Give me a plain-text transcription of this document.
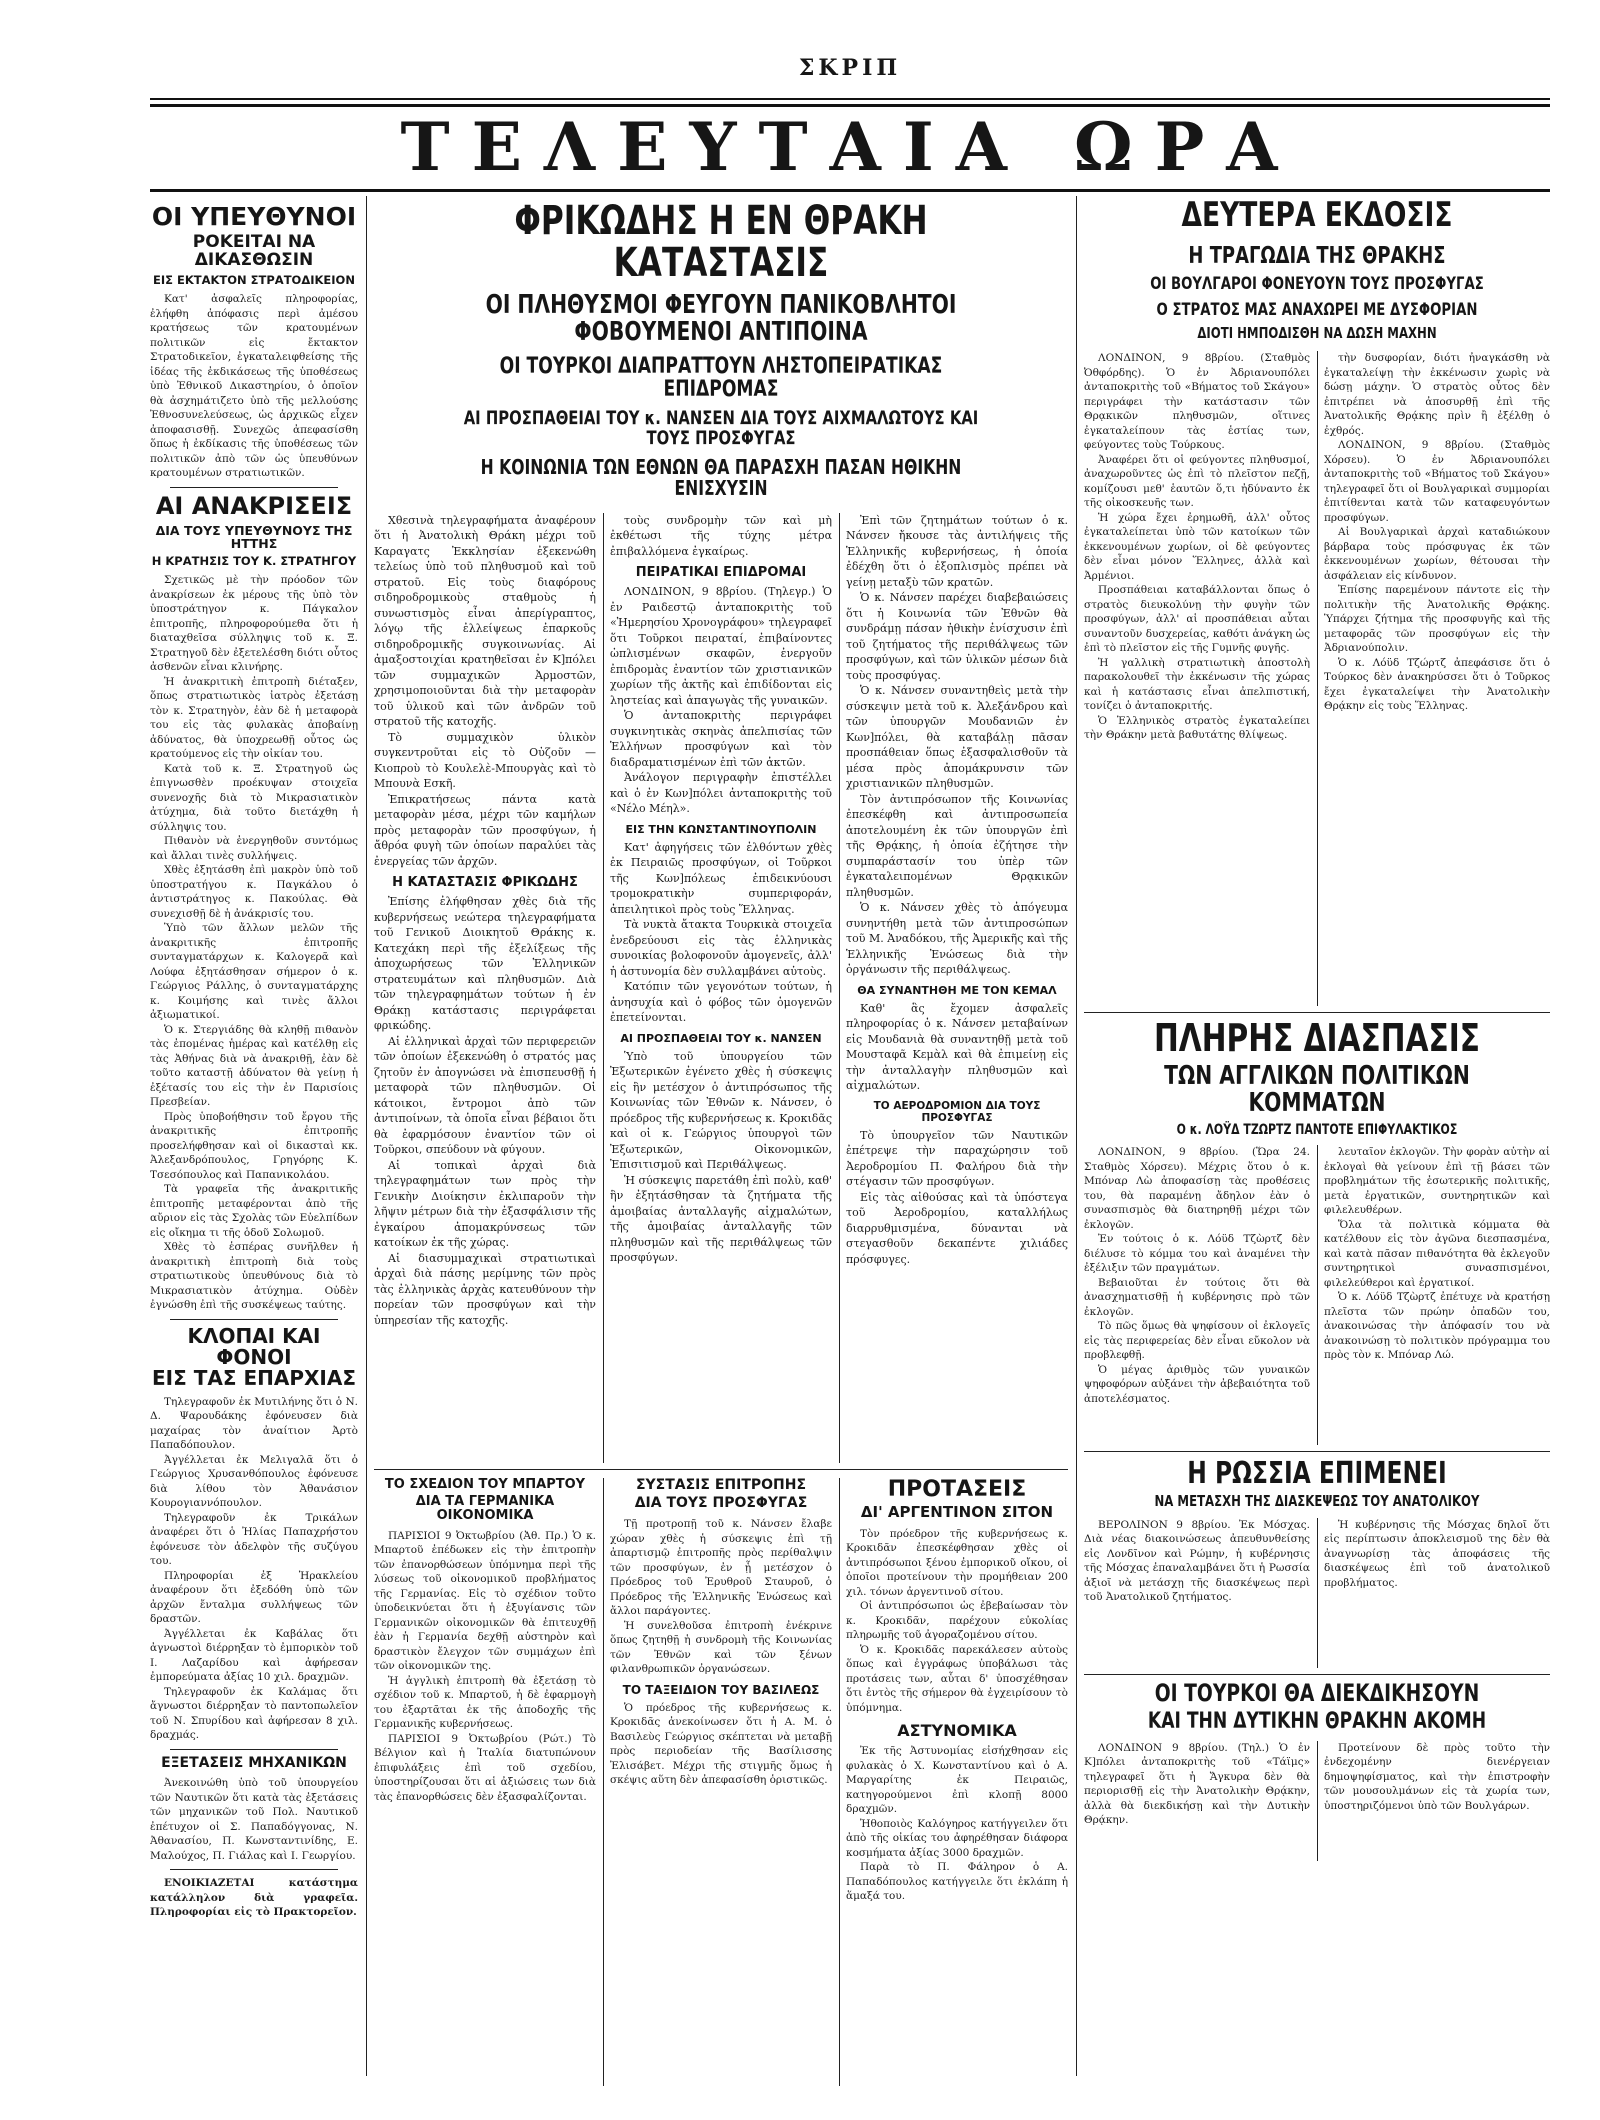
ΣΚΡΙΠ
ΤΕΛΕΥΤΑΙΑ ΩΡΑ
ΟΙ ΥΠΕΥΘΥΝΟΙ
ΡΟΚΕΙΤΑΙ ΝΑ ΔΙΚΑΣΘΩΣΙΝ
ΕΙΣ ΕΚΤΑΚΤΟΝ ΣΤΡΑΤΟΔΙΚΕΙΟΝ

Κατ' ἀσφαλεῖς πληροφορίας, ἐλήφθη ἀπόφασις περὶ ἀμέσου κρατήσεως τῶν κρατουμένων πολιτικῶν εἰς ἔκτακτον Στρατοδικεῖον, ἐγκαταλειφθείσης τῆς ἰδέας τῆς ἐκδικάσεως τῆς ὑποθέσεως ὑπὸ Ἐθνικοῦ Δικαστηρίου, ὁ ὁποῖον θὰ ἀσχημάτιζετο ὑπὸ τῆς μελλούσης Ἐθνοσυνελεύσεως, ὡς ἀρχικῶς εἶχεν ἀποφασισθῇ. Συνεχῶς ἀπεφασίσθη ὅπως ἡ ἐκδίκασις τῆς ὑποθέσεως τῶν πολιτικῶν ἀπὸ τῶν ὡς ὑπευθύνων κρατουμένων στρατιωτικῶν.

ΑΙ ΑΝΑΚΡΙΣΕΙΣ
ΔΙΑ ΤΟΥΣ ΥΠΕΥΘΥΝΟΥΣ ΤΗΣ ΗΤΤΗΣ
Η ΚΡΑΤΗΣΙΣ ΤΟΥ Κ. ΣΤΡΑΤΗΓΟΥ

Σχετικῶς μὲ τὴν πρόοδον τῶν ἀνακρίσεων ἐκ μέρους τῆς ὑπὸ τὸν ὑποστράτηγον κ. Πάγκαλον ἐπιτροπῆς, πληροφορούμεθα ὅτι ἡ διαταχθεῖσα σύλληψις τοῦ κ. Ξ. Στρατηγοῦ δὲν ἐξετελέσθη διότι οὗτος ἀσθενῶν εἶναι κλινήρης.

Ἡ ἀνακριτικὴ ἐπιτροπὴ διέταξεν, ὅπως στρατιωτικὸς ἰατρὸς ἐξετάσῃ τὸν κ. Στρατηγὸν, ἐὰν δὲ ἡ μεταφορὰ του εἰς τὰς φυλακὰς ἀποβαίνῃ ἀδύνατος, θὰ ὑποχρεωθῇ οὗτος ὡς κρατούμενος εἰς τὴν οἰκίαν του.

Κατὰ τοῦ κ. Ξ. Στρατηγοῦ ὡς ἐπιγνωσθὲν προέκυψαν στοιχεῖα συνενοχῆς διὰ τὸ Μικρασιατικὸν ἀτύχημα, διὰ τοῦτο διετάχθη ἡ σύλληψις του.

Πιθανὸν νὰ ἐνεργηθοῦν συντόμως καὶ ἄλλαι τινὲς συλλήψεις.

Χθὲς ἐξητάσθη ἐπὶ μακρὸν ὑπὸ τοῦ ὑποστρατήγου κ. Παγκάλου ὁ ἀντιστράτηγος κ. Πακούλας. Θὰ συνεχισθῇ δὲ ἡ ἀνάκρισίς του.

Ὑπὸ τῶν ἄλλων μελῶν τῆς ἀνακριτικῆς ἐπιτροπῆς συνταγματάρχων κ. Καλογερᾶ καὶ Λούφα ἐξητάσθησαν σήμερον ὁ κ. Γεώργιος Ράλλης, ὁ συνταγματάρχης κ. Κοιμήσης καὶ τινὲς ἄλλοι ἀξιωματικοί.

Ὁ κ. Στεργιάδης θὰ κληθῇ πιθανὸν τὰς ἐπομένας ἡμέρας καὶ κατέλθῃ εἰς τὰς Ἀθήνας διὰ νὰ ἀνακριθῇ, ἐὰν δὲ τοῦτο καταστῇ ἀδύνατον θὰ γείνῃ ἡ ἐξέτασίς του εἰς τὴν ἐν Παρισίοις Πρεσβείαν.

Πρὸς ὑποβοήθησιν τοῦ ἔργου τῆς ἀνακριτικῆς ἐπιτροπῆς προσελήφθησαν καὶ οἱ δικασταὶ κκ. Ἀλεξανδρόπουλος, Γρηγόρης Κ. Τσεσόπουλος καὶ Παπανικολάου.

Τὰ γραφεῖα τῆς ἀνακριτικῆς ἐπιτροπῆς μεταφέρονται ἀπὸ τῆς αὔριον εἰς τὰς Σχολὰς τῶν Εὐελπίδων εἰς οἴκημα τι τῆς ὁδοῦ Σολωμοῦ.

Χθὲς τὸ ἑσπέρας συνῆλθεν ἡ ἀνακριτικὴ ἐπιτροπὴ διὰ τοὺς στρατιωτικοὺς ὑπευθύνους διὰ τὸ Μικρασιατικὸν ἀτύχημα. Οὐδὲν ἐγνώσθη ἐπὶ τῆς συσκέψεως ταύτης.

ΚΛΟΠΑΙ ΚΑΙ ΦΟΝΟΙ
ΕΙΣ ΤΑΣ ΕΠΑΡΧΙΑΣ

Τηλεγραφοῦν ἐκ Μυτιλήνης ὅτι ὁ Ν. Δ. Ψαρουδάκης ἐφόνευσεν διὰ μαχαίρας τὸν ἀναίτιον Ἀρτὸ Παπαδόπουλον.

Ἀγγέλλεται ἐκ Μελιγαλᾶ ὅτι ὁ Γεώργιος Χρυσανθόπουλος ἐφόνευσε διὰ λίθου τὸν Ἀθανάσιον Κουρογιαννόπουλον.

Τηλεγραφοῦν ἐκ Τρικάλων ἀναφέρει ὅτι ὁ Ἠλίας Παπαχρήστου ἐφόνευσε τὸν ἀδελφὸν τῆς συζύγου του.

Πληροφορίαι ἐξ Ἡρακλείου ἀναφέρουν ὅτι ἐξεδόθη ὑπὸ τῶν ἀρχῶν ἔνταλμα συλλήψεως τῶν δραστῶν.

Ἀγγέλλεται ἐκ Καβάλας ὅτι ἀγνωστοὶ διέρρηξαν τὸ ἐμπορικὸν τοῦ Ι. Λαζαρίδου καὶ ἀφήρεσαν ἐμπορεύματα ἀξίας 10 χιλ. δραχμῶν.

Τηλεγραφοῦν ἐκ Καλάμας ὅτι ἄγνωστοι διέρρηξαν τὸ παντοπωλεῖον τοῦ Ν. Σπυρίδου καὶ ἀφήρεσαν 8 χιλ. δραχμάς.

ΕΞΕΤΑΣΕΙΣ ΜΗΧΑΝΙΚΩΝ

Ἀνεκοινώθη ὑπὸ τοῦ ὑπουργείου τῶν Ναυτικῶν ὅτι κατὰ τὰς ἐξετάσεις τῶν μηχανικῶν τοῦ Πολ. Ναυτικοῦ ἐπέτυχον οἱ Σ. Παπαδόγγονας, Ν. Ἀθανασίου, Π. Κωνσταντινίδης, Ε. Μαλούχος, Π. Γιάλας καὶ Ι. Γεωργίου.

ΕΝΟΙΚΙΑΖΕΤΑΙ κατάστημα κατάλληλον διὰ γραφεῖα. Πληροφορίαι εἰς τὸ Πρακτορεῖον.

ΦΡΙΚΩΔΗΣ Η ΕΝ ΘΡΑΚΗ ΚΑΤΑΣΤΑΣΙΣ
ΟΙ ΠΛΗΘΥΣΜΟΙ ΦΕΥΓΟΥΝ ΠΑΝΙΚΟΒΛΗΤΟΙ ΦΟΒΟΥΜΕΝΟΙ ΑΝΤΙΠΟΙΝΑ
ΟΙ ΤΟΥΡΚΟΙ ΔΙΑΠΡΑΤΤΟΥΝ ΛΗΣΤΟΠΕΙΡΑΤΙΚΑΣ ΕΠΙΔΡΟΜΑΣ
ΑΙ ΠΡΟΣΠΑΘΕΙΑΙ ΤΟΥ κ. ΝΑΝΣΕΝ ΔΙΑ ΤΟΥΣ ΑΙΧΜΑΛΩΤΟΥΣ ΚΑΙ ΤΟΥΣ ΠΡΟΣΦΥΓΑΣ
Η ΚΟΙΝΩΝΙΑ ΤΩΝ ΕΘΝΩΝ ΘΑ ΠΑΡΑΣΧΗ ΠΑΣΑΝ ΗΘΙΚΗΝ ΕΝΙΣΧΥΣΙΝ

Χθεσινὰ τηλεγραφήματα ἀναφέρουν ὅτι ἡ Ἀνατολικὴ Θράκη μέχρι τοῦ Καραγατς Ἐκκλησίαν ἐξεκενώθη τελείως ὑπὸ τοῦ πληθυσμοῦ καὶ τοῦ στρατοῦ. Εἰς τοὺς διαφόρους σιδηροδρομικοὺς σταθμοὺς ἡ συνωστισμὸς εἶναι ἀπερίγραπτος, λόγῳ τῆς ἐλλείψεως ἐπαρκοῦς σιδηροδρομικῆς συγκοινωνίας. Αἱ ἀμαξοστοιχίαι κρατηθεῖσαι ἐν Κ]πόλει τῶν συμμαχικῶν Ἀρμοστῶν, χρησιμοποιοῦνται διὰ τὴν μεταφορὰν τοῦ ὑλικοῦ καὶ τῶν ἀνδρῶν τοῦ στρατοῦ τῆς κατοχῆς.

Τὸ συμμαχικὸν ὑλικὸν συγκεντροῦται εἰς τὸ Οὐζοῦν — Κιοπροὺ τὸ Κουλελὲ-Μπουργὰς καὶ τὸ Μπουνὰ Εσκῆ.

Ἐπικρατήσεως πάντα κατὰ μεταφορὰν μέσα, μέχρι τῶν καμήλων πρὸς μεταφορὰν τῶν προσφύγων, ἡ ἄθρόα φυγὴ τῶν ὁποίων παραλύει τὰς ἐνεργείας τῶν ἀρχῶν.

Η ΚΑΤΑΣΤΑΣΙΣ ΦΡΙΚΩΔΗΣ

Ἐπίσης ἐλήφθησαν χθὲς διὰ τῆς κυβερνήσεως νεώτερα τηλεγραφήματα τοῦ Γενικοῦ Διοικητοῦ Θράκης κ. Κατεχάκη περὶ τῆς ἐξελίξεως τῆς ἀποχωρήσεως τῶν Ἑλληνικῶν στρατευμάτων καὶ πληθυσμῶν. Διὰ τῶν τηλεγραφημάτων τούτων ἡ ἐν Θράκῃ κατάστασις περιγράφεται φρικώδης.

Αἱ ἐλληνικαὶ ἀρχαὶ τῶν περιφερειῶν τῶν ὁποίων ἐξεκενώθη ὁ στρατός μας ζητοῦν ἐν ἀπογνώσει νὰ ἐπισπευσθῇ ἡ μεταφορὰ τῶν πληθυσμῶν. Οἱ κάτοικοι, ἔντρομοι ἀπὸ τῶν ἀντιποίνων, τὰ ὁποῖα εἶναι βέβαιοι ὅτι θὰ ἐφαρμόσουν ἐναντίον τῶν οἱ Τοῦρκοι, σπεύδουν νὰ φύγουν.

Αἱ τοπικαὶ ἀρχαὶ διὰ τηλεγραφημάτων των πρὸς τὴν Γενικὴν Διοίκησιν ἐκλιπαροῦν τὴν λῆψιν μέτρων διὰ τὴν ἐξασφάλισιν τῆς ἐγκαίρου ἀπομακρύνσεως τῶν κατοίκων ἐκ τῆς χώρας.

Αἱ διασυμμαχικαὶ στρατιωτικαὶ ἀρχαὶ διὰ πάσης μερίμνης τῶν πρὸς τὰς ἐλληνικὰς ἀρχὰς κατευθύνουν τὴν πορείαν τῶν προσφύγων καὶ τὴν ὑπηρεσίαν τῆς κατοχῆς.

τοὺς συνδρομὴν τῶν καὶ μὴ ἐκθέτωσι τῆς τύχης μέτρα ἐπιβαλλόμενα ἐγκαίρως.

ΠΕΙΡΑΤΙΚΑΙ ΕΠΙΔΡΟΜΑΙ

ΛΟΝΔΙΝΟΝ, 9 8βρίου. (Τηλεγρ.) Ὁ ἐν Ραιδεστῷ ἀνταποκριτὴς τοῦ «Ἡμερησίου Χρονογράφου» τηλεγραφεῖ ὅτι Τοῦρκοι πειραταί, ἐπιβαίνοντες ὡπλισμένων σκαφῶν, ἐνεργοῦν ἐπιδρομὰς ἐναντίον τῶν χριστιανικῶν χωρίων τῆς ἀκτῆς καὶ ἐπιδίδονται εἰς ληστείας καὶ ἀπαγωγὰς τῆς γυναικῶν.

Ὁ ἀνταποκριτὴς περιγράφει συγκινητικὰς σκηνὰς ἀπελπισίας τῶν Ἑλλήνων προσφύγων καὶ τὸν διαδραματισμένων ἐπὶ τῶν ἀκτῶν.

Ἀνάλογον περιγραφὴν ἐπιστέλλει καὶ ὁ ἐν Κων]πόλει ἀνταποκριτὴς τοῦ «Νέλο Μέηλ».

ΕΙΣ ΤΗΝ ΚΩΝΣΤΑΝΤΙΝΟΥΠΟΛΙΝ

Κατ' ἀφηγήσεις τῶν ἐλθόντων χθὲς ἐκ Πειραιῶς προσφύγων, οἱ Τοῦρκοι τῆς Κων]πόλεως ἐπιδεικνύουσι τρομοκρατικὴν συμπεριφοράν, ἀπειλητικοὶ πρὸς τοὺς Ἕλληνας.

Τὰ νυκτὰ ἄτακτα Τουρκικὰ στοιχεῖα ἐνεδρεύουσι εἰς τὰς ἑλληνικὰς συνοικίας βολοφονοῦν ἀμογενεῖς, ἀλλ' ἡ ἀστυνομία δὲν συλλαμβάνει αὐτοὺς.

Κατόπιν τῶν γεγονότων τούτων, ἡ ἀνησυχία καὶ ὁ φόβος τῶν ὁμογενῶν ἐπετείνονται.

ΑΙ ΠΡΟΣΠΑΘΕΙΑΙ ΤΟΥ κ. ΝΑΝΣΕΝ

Ὑπὸ τοῦ ὑπουργείου τῶν Ἐξωτερικῶν ἐγένετο χθὲς ἡ σύσκεψις εἰς ἣν μετέσχον ὁ ἀντιπρόσωπος τῆς Κοινωνίας τῶν Ἐθνῶν κ. Νάνσεν, ὁ πρόεδρος τῆς κυβερνήσεως κ. Κροκιδᾶς καὶ οἱ κ. Γεώργιος ὑπουργοὶ τῶν Ἐξωτερικῶν, Οἰκονομικῶν, Ἐπισιτισμοῦ καὶ Περιθάλψεως.

Ἡ σύσκεψις παρετάθη ἐπὶ πολὺ, καθ' ἣν ἐξητάσθησαν τὰ ζητήματα τῆς ἀμοιβαίας ἀνταλλαγῆς αἰχμαλώτων, τῆς ἀμοιβαίας ἀνταλλαγῆς τῶν πληθυσμῶν καὶ τῆς περιθάλψεως τῶν προσφύγων.

Ἐπὶ τῶν ζητημάτων τούτων ὁ κ. Νάνσεν ἤκουσε τὰς ἀντιλήψεις τῆς Ἑλληνικῆς κυβερνήσεως, ἡ ὁποία ἐδέχθη ὅτι ὁ ἐξοπλισμὸς πρέπει νὰ γείνῃ μεταξὺ τῶν κρατῶν.

Ὁ κ. Νάνσεν παρέχει διαβεβαιώσεις ὅτι ἡ Κοινωνία τῶν Ἐθνῶν θὰ συνδράμῃ πάσαν ἠθικὴν ἐνίσχυσιν ἐπὶ τοῦ ζητήματος τῆς περιθάλψεως τῶν προσφύγων, καὶ τῶν ὑλικῶν μέσων διὰ τοὺς προσφύγας.

Ὁ κ. Νάνσεν συναντηθεὶς μετὰ τὴν σύσκεψιν μετὰ τοῦ κ. Ἀλεξάνδρου καὶ τῶν ὑπουργῶν Μουδανιῶν ἐν Κων]πόλει, θὰ καταβάλῃ πᾶσαν προσπάθειαν ὅπως ἐξασφαλισθοῦν τὰ μέσα πρὸς ἀπομάκρυνσιν τῶν χριστιανικῶν πληθυσμῶν.

Τὸν ἀντιπρόσωπον τῆς Κοινωνίας ἐπεσκέφθη καὶ ἀντιπροσωπεία ἀποτελουμένη ἐκ τῶν ὑπουργῶν ἐπὶ τῆς Θρᾴκης, ἡ ὁποία ἐζήτησε τὴν συμπαράστασίν του ὑπὲρ τῶν ἐγκαταλειπομένων Θρᾳκικῶν πληθυσμῶν.

Ὁ κ. Νάνσεν χθὲς τὸ ἀπόγευμα συνηντήθη μετὰ τῶν ἀντιπροσώπων τοῦ Μ. Ἀναδόκου, τῆς Ἀμερικῆς καὶ τῆς Ἑλληνικῆς Ἐνώσεως διὰ τὴν ὀργάνωσιν τῆς περιθάλψεως.

ΘΑ ΣΥΝΑΝΤΗΘΗ ΜΕ ΤΟΝ ΚΕΜΑΛ

Καθ' ἃς ἔχομεν ἀσφαλεῖς πληροφορίας ὁ κ. Νάνσεν μεταβαίνων εἰς Μουδανιὰ θὰ συναντηθῇ μετὰ τοῦ Μουσταφᾶ Κεμὰλ καὶ θὰ ἐπιμείνῃ εἰς τὴν ἀνταλλαγὴν πληθυσμῶν καὶ αἰχμαλώτων.

ΤΟ ΑΕΡΟΔΡΟΜΙΟΝ ΔΙΑ ΤΟΥΣ ΠΡΟΣΦΥΓΑΣ

Τὸ ὑπουργεῖον τῶν Ναυτικῶν ἐπέτρεψε τὴν παραχώρησιν τοῦ Ἀεροδρομίου Π. Φαλήρου διὰ τὴν στέγασιν τῶν προσφύγων.

Εἰς τὰς αἰθούσας καὶ τὰ ὑπόστεγα τοῦ Ἀεροδρομίου, καταλλήλως διαρρυθμισμένα, δύνανται νὰ στεγασθοῦν δεκαπέντε χιλιάδες πρόσφυγες.

ΤΟ ΣΧΕΔΙΟΝ ΤΟΥ ΜΠΑΡΤΟΥ
ΔΙΑ ΤΑ ΓΕΡΜΑΝΙΚΑ ΟΙΚΟΝΟΜΙΚΑ

ΠΑΡΙΣΙΟΙ 9 Ὀκτωβρίου (Ἀθ. Πρ.) Ὁ κ. Μπαρτοῦ ἐπέδωκεν εἰς τὴν ἐπιτροπὴν τῶν ἐπανορθώσεων ὑπόμνημα περὶ τῆς λύσεως τοῦ οἰκονομικοῦ προβλήματος τῆς Γερμανίας. Εἰς τὸ σχέδιον τοῦτο ὑποδεικνύεται ὅτι ἡ ἐξυγίανσις τῶν Γερμανικῶν οἰκονομικῶν θὰ ἐπιτευχθῇ ἐὰν ἡ Γερμανία δεχθῇ αὐστηρὸν καὶ δραστικὸν ἔλεγχον τῶν συμμάχων ἐπὶ τῶν οἰκονομικῶν της.

Ἡ ἀγγλικὴ ἐπιτροπὴ θὰ ἐξετάσῃ τὸ σχέδιον τοῦ κ. Μπαρτοῦ, ἡ δὲ ἐφαρμογὴ του ἐξαρτᾶται ἐκ τῆς ἀποδοχῆς τῆς Γερμανικῆς κυβερνήσεως.

ΠΑΡΙΣΙΟΙ 9 Ὀκτωβρίου (Ρώτ.) Τὸ Βέλγιον καὶ ἡ Ἰταλία διατυπώνουν ἐπιφυλάξεις ἐπὶ τοῦ σχεδίου, ὑποστηρίζουσαι ὅτι αἱ ἀξιώσεις των διὰ τὰς ἐπανορθώσεις δὲν ἐξασφαλίζονται.

ΣΥΣΤΑΣΙΣ ΕΠΙΤΡΟΠΗΣ
ΔΙΑ ΤΟΥΣ ΠΡΟΣΦΥΓΑΣ

Τῇ προτροπῇ τοῦ κ. Νάνσεν ἔλαβε χώραν χθὲς ἡ σύσκεψις ἐπὶ τῇ ἀπαρτισμῷ ἐπιτροπῆς πρὸς περίθαλψιν τῶν προσφύγων, ἐν ᾗ μετέσχον ὁ Πρόεδρος τοῦ Ἐρυθροῦ Σταυροῦ, ὁ Πρόεδρος τῆς Ἑλληνικῆς Ἑνώσεως καὶ ἄλλοι παράγοντες.

Ἡ συνελθοῦσα ἐπιτροπὴ ἐνέκρινε ὅπως ζητηθῇ ἡ συνδρομὴ τῆς Κοινωνίας τῶν Ἐθνῶν καὶ τῶν ξένων φιλανθρωπικῶν ὀργανώσεων.

ΤΟ ΤΑΞΕΙΔΙΟΝ ΤΟΥ ΒΑΣΙΛΕΩΣ

Ὁ πρόεδρος τῆς κυβερνήσεως κ. Κροκιδᾶς ἀνεκοίνωσεν ὅτι ἡ Α. Μ. ὁ Βασιλεὺς Γεώργιος σκέπτεται νὰ μεταβῇ πρὸς περιοδείαν τῆς Βασίλισσης Ἐλισάβετ. Μέχρι τῆς στιγμῆς ὅμως ἡ σκέψις αὕτη δὲν ἀπεφασίσθη ὁριστικῶς.

ΠΡΟΤΑΣΕΙΣ
ΔΙ' ΑΡΓΕΝΤΙΝΟΝ ΣΙΤΟΝ

Τὸν πρόεδρον τῆς κυβερνήσεως κ. Κροκιδᾶν ἐπεσκέφθησαν χθὲς οἱ ἀντιπρόσωποι ξένου ἐμπορικοῦ οἴκου, οἱ ὁποῖοι προτείνουν τὴν προμήθειαν 200 χιλ. τόνων ἀργεντινοῦ σίτου.

Οἱ ἀντιπρόσωποι ὡς ἐβεβαίωσαν τὸν κ. Κροκιδᾶν, παρέχουν εὐκολίας πληρωμῆς τοῦ ἀγοραζομένου σίτου.

Ὁ κ. Κροκιδᾶς παρεκάλεσεν αὐτοὺς ὅπως καὶ ἐγγράφως ὑποβάλωσι τὰς προτάσεις των, αὗται δ' ὑποσχέθησαν ὅτι ἐντὸς τῆς σήμερον θὰ ἐγχειρίσουν τὸ ὑπόμνημα.

ΑΣΤΥΝΟΜΙΚΑ

Ἐκ τῆς Ἀστυνομίας εἰσήχθησαν εἰς φυλακὰς ὁ Χ. Κωνσταντίνου καὶ ὁ Α. Μαργαρίτης ἐκ Πειραιῶς, κατηγορούμενοι ἐπὶ κλοπῇ 8000 δραχμῶν.

Ἠθοποιὸς Καλόγηρος κατήγγειλεν ὅτι ἀπὸ τῆς οἰκίας του ἀφηρέθησαν διάφορα κοσμήματα ἀξίας 3000 δραχμῶν.

Παρὰ τὸ Π. Φάληρον ὁ Α. Παπαδόπουλος κατήγγειλε ὅτι ἐκλάπη ἡ ἅμαξά του.

ΔΕΥΤΕΡΑ ΕΚΔΟΣΙΣ
Η ΤΡΑΓΩΔΙΑ ΤΗΣ ΘΡΑΚΗΣ
ΟΙ ΒΟΥΛΓΑΡΟΙ ΦΟΝΕΥΟΥΝ ΤΟΥΣ ΠΡΟΣΦΥΓΑΣ
Ο ΣΤΡΑΤΟΣ ΜΑΣ ΑΝΑΧΩΡΕΙ ΜΕ ΔΥΣΦΟΡΙΑΝ
ΔΙΟΤΙ ΗΜΠΟΔΙΣΘΗ ΝΑ ΔΩΣΗ ΜΑΧΗΝ

ΛΟΝΔΙΝΟΝ, 9 8βρίου. (Σταθμὸς Ὀθφόρδης). Ὁ ἐν Ἀδριανουπόλει ἀνταποκριτὴς τοῦ «Βήματος τοῦ Σκάγου» περιγράφει τὴν κατάστασιν τῶν Θρᾳκικῶν πληθυσμῶν, οἵτινες ἐγκαταλείπουν τὰς ἑστίας των, φεύγοντες τοὺς Τούρκους.

Ἀναφέρει ὅτι οἱ φεύγοντες πληθυσμοί, ἀναχωροῦντες ὡς ἐπὶ τὸ πλεῖστον πεζῇ, κομίζουσι μεθ' ἑαυτῶν ὅ,τι ἠδύναντο ἐκ τῆς οἰκοσκευῆς των.

Ἡ χώρα ἔχει ἐρημωθῆ, ἀλλ' οὗτος ἐγκαταλείπεται ὑπὸ τῶν κατοίκων τῶν ἐκκενουμένων χωρίων, οἱ δὲ φεύγοντες δὲν εἶναι μόνον Ἕλληνες, ἀλλὰ καὶ Ἀρμένιοι.

Προσπάθειαι καταβάλλονται ὅπως ὁ στρατὸς διευκολύνῃ τὴν φυγὴν τῶν προσφύγων, ἀλλ' αἱ προσπάθειαι αὗται συναντοῦν δυσχερείας, καθότι ἀνάγκη ὡς ἐπὶ τὸ πλεῖστον εἰς τῆς Γυμνῆς φυγῆς.

Ἡ γαλλικὴ στρατιωτικὴ ἀποστολὴ παρακολουθεῖ τὴν ἐκκένωσιν τῆς χώρας καὶ ἡ κατάστασις εἶναι ἀπελπιστική, τονίζει ὁ ἀνταποκριτής.

Ὁ Ἑλληνικὸς στρατὸς ἐγκαταλείπει τὴν Θράκην μετὰ βαθυτάτης θλίψεως.

τὴν δυσφορίαν, διότι ἠναγκάσθη νὰ ἐγκαταλείψῃ τὴν ἐκκένωσιν χωρὶς νὰ δώσῃ μάχην. Ὁ στρατὸς οὗτος δὲν ἐπιτρέπει νὰ ἀποσυρθῇ ἐπὶ τῆς Ἀνατολικῆς Θρᾴκης πρὶν ἢ ἐξέλθῃ ὁ ἐχθρός.

ΛΟΝΔΙΝΟΝ, 9 8βρίου. (Σταθμὸς Χόρσευ). Ὁ ἐν Ἀδριανουπόλει ἀνταποκριτὴς τοῦ «Βήματος τοῦ Σκάγου» τηλεγραφεῖ ὅτι οἱ Βουλγαρικαὶ συμμορίαι ἐπιτίθενται κατὰ τῶν καταφευγόντων προσφύγων.

Αἱ Βουλγαρικαὶ ἀρχαὶ καταδιώκουν βάρβαρα τοὺς πρόσφυγας ἐκ τῶν ἐκκενουμένων χωρίων, θέτουσαι τὴν ἀσφάλειαν εἰς κίνδυνον.

Ἐπίσης παρεμένουν πάντοτε εἰς τὴν πολιτικὴν τῆς Ἀνατολικῆς Θρᾴκης. Ὑπάρχει ζήτημα τῆς προσφυγῆς καὶ τῆς μεταφορᾶς τῶν προσφύγων εἰς τὴν Ἀδριανούπολιν.

Ὁ κ. Λόϋδ Τζώρτζ ἀπεφάσισε ὅτι ὁ Τούρκος δὲν ἀνακηρύσσει ὅτι ὁ Τοῦρκος ἔχει ἐγκαταλείψει τὴν Ἀνατολικὴν Θρᾴκην εἰς τοὺς Ἕλληνας.

ΠΛΗΡΗΣ ΔΙΑΣΠΑΣΙΣ
ΤΩΝ ΑΓΓΛΙΚΩΝ ΠΟΛΙΤΙΚΩΝ ΚΟΜΜΑΤΩΝ
Ο κ. ΛΟΫΔ ΤΖΩΡΤΖ ΠΑΝΤΟΤΕ ΕΠΙΦΥΛΑΚΤΙΚΟΣ

ΛΟΝΔΙΝΟΝ, 9 8βρίου. (Ὥρα 24. Σταθμὸς Χόρσευ). Μέχρις ὅτου ὁ κ. Μπόναρ Λὼ ἀποφασίσῃ τὰς προθέσεις του, θὰ παραμένῃ ἄδηλον ἐὰν ὁ συνασπισμὸς θὰ διατηρηθῇ μέχρι τῶν ἐκλογῶν.

Ἐν τούτοις ὁ κ. Λόϋδ Τζὼρτζ δὲν διέλυσε τὸ κόμμα του καὶ ἀναμένει τὴν ἐξέλιξιν τῶν πραγμάτων.

Βεβαιοῦται ἐν τούτοις ὅτι θὰ ἀνασχηματισθῇ ἡ κυβέρνησις πρὸ τῶν ἐκλογῶν.

Τὸ πῶς ὅμως θὰ ψηφίσουν οἱ ἐκλογεῖς εἰς τὰς περιφερείας δὲν εἶναι εὔκολον νὰ προβλεφθῇ.

Ὁ μέγας ἀριθμὸς τῶν γυναικῶν ψηφοφόρων αὐξάνει τὴν ἀβεβαιότητα τοῦ ἀποτελέσματος.

λευταῖον ἐκλογῶν. Τὴν φορὰν αὐτὴν αἱ ἐκλογαὶ θὰ γείνουν ἐπὶ τῇ βάσει τῶν προβλημάτων τῆς ἐσωτερικῆς πολιτικῆς, μετὰ ἐργατικῶν, συντηρητικῶν καὶ φιλελευθέρων.

Ὅλα τὰ πολιτικὰ κόμματα θὰ κατέλθουν εἰς τὸν ἀγῶνα διεσπασμένα, καὶ κατὰ πᾶσαν πιθανότητα θὰ ἐκλεγοῦν συντηρητικοὶ συνασπισμένοι, φιλελεύθεροι καὶ ἐργατικοί.

Ὁ κ. Λόϋδ Τζὼρτζ ἐπέτυχε νὰ κρατήσῃ πλεῖστα τῶν πρώην ὀπαδῶν του, ἀνακοινώσας τὴν ἀπόφασίν του νὰ ἀνακοινώσῃ τὸ πολιτικὸν πρόγραμμα του πρὸς τὸν κ. Μπόναρ Λώ.

Η ΡΩΣΣΙΑ ΕΠΙΜΕΝΕΙ
ΝΑ ΜΕΤΑΣΧΗ ΤΗΣ ΔΙΑΣΚΕΨΕΩΣ ΤΟΥ ΑΝΑΤΟΛΙΚΟΥ

ΒΕΡΟΛΙΝΟΝ 9 8βρίου. Ἐκ Μόσχας. Διὰ νέας διακοινώσεως ἀπευθυνθείσης εἰς Λονδῖνον καὶ Ρώμην, ἡ κυβέρνησις τῆς Μόσχας ἐπαναλαμβάνει ὅτι ἡ Ρωσσία ἀξιοῖ νὰ μετάσχῃ τῆς διασκέψεως περὶ τοῦ Ἀνατολικοῦ ζητήματος.

Ἡ κυβέρνησις τῆς Μόσχας δηλοῖ ὅτι εἰς περίπτωσιν ἀποκλεισμοῦ της δὲν θὰ ἀναγνωρίσῃ τὰς ἀποφάσεις τῆς διασκέψεως ἐπὶ τοῦ ἀνατολικοῦ προβλήματος.

ΟΙ ΤΟΥΡΚΟΙ ΘΑ ΔΙΕΚΔΙΚΗΣΟΥΝ
ΚΑΙ ΤΗΝ ΔΥΤΙΚΗΝ ΘΡΑΚΗΝ ΑΚΟΜΗ

ΛΟΝΔΙΝΟΝ 9 8βρίου. (Τηλ.) Ὁ ἐν Κ]πόλει ἀνταποκριτὴς τοῦ «Τάϊμς» τηλεγραφεῖ ὅτι ἡ Ἄγκυρα δὲν θὰ περιορισθῇ εἰς τὴν Ἀνατολικὴν Θρᾴκην, ἀλλὰ θὰ διεκδικήσῃ καὶ τὴν Δυτικὴν Θρᾴκην.

Προτείνουν δὲ πρὸς τοῦτο τὴν ἐνδεχομένην διενέργειαν δημοψηφίσματος, καὶ τὴν ἐπιστροφὴν τῶν μουσουλμάνων εἰς τὰ χωρία των, ὑποστηριζόμενοι ὑπὸ τῶν Βουλγάρων.
